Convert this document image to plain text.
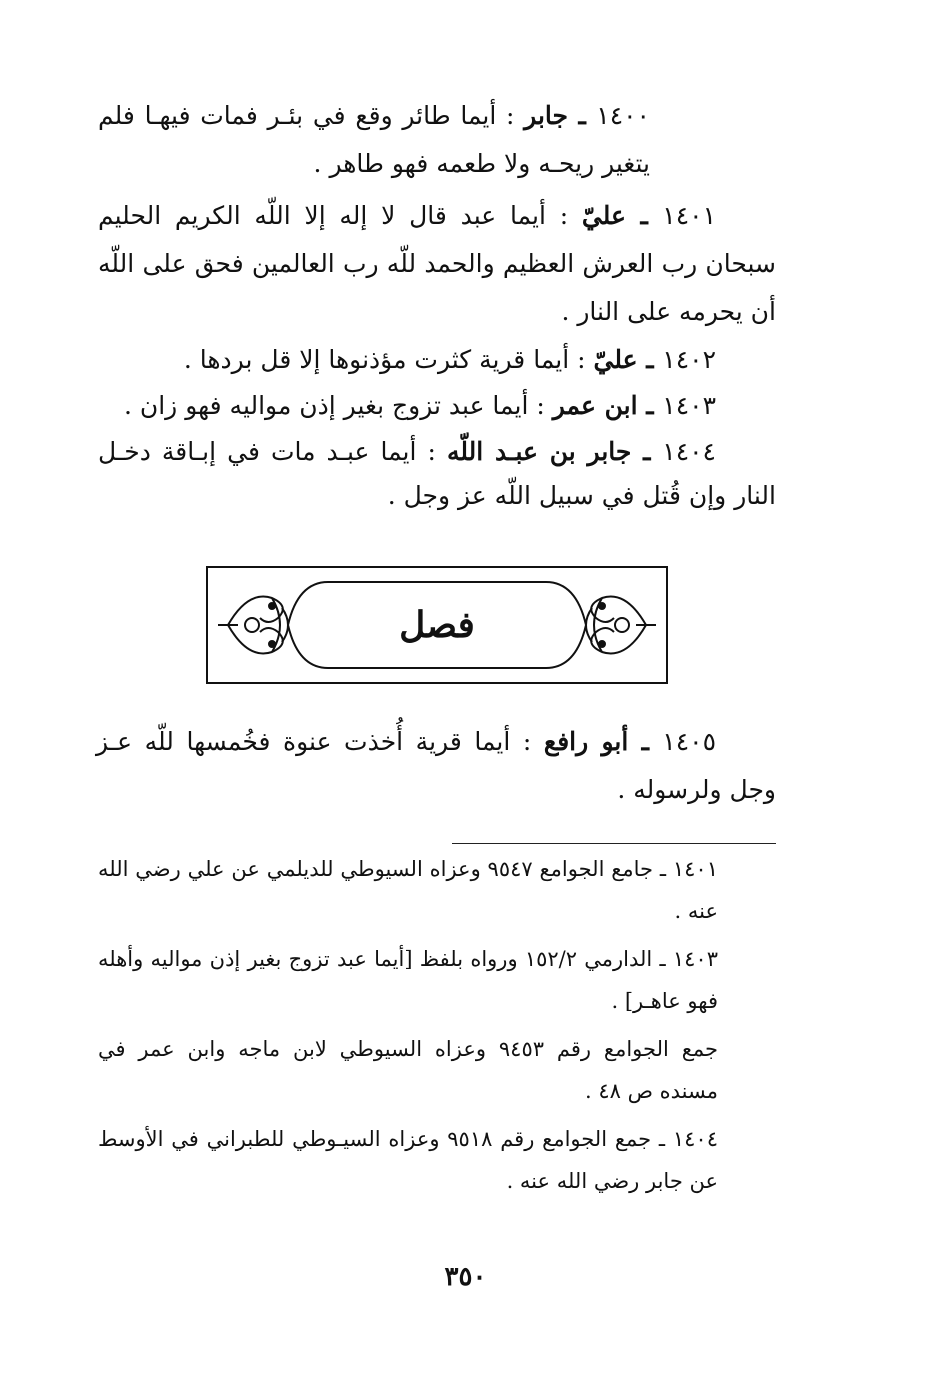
١٤٠٠ ـ جابر : أيما طائر وقع في بئـر فمات فيهـا فلم يتغير ريحـه ولا طعمه فهو طاهر .

١٤٠١ ـ عليّ : أيما عبد قال لا إله إلا اللّه الكريم الحليم سبحان رب العرش العظيم والحمد للّه رب العالمين فحق على اللّه أن يحرمه على النار .

١٤٠٢ ـ عليّ : أيما قرية كثرت مؤذنوها إلا قل بردها .

١٤٠٣ ـ ابن عمر : أيما عبد تزوج بغير إذن مواليه فهو زان .

١٤٠٤ ـ جابر بن عبـد اللّه : أيما عبـد مات في إبـاقة دخـل النار وإن قُتل في سبيل اللّه عز وجل .

فصل

١٤٠٥ ـ أبو رافع : أيما قرية أُخذت عنوة فخُمسها للّه عـز وجل ولرسوله .

١٤٠١ ـ جامع الجوامع ٩٥٤٧ وعزاه السيوطي للديلمي عن علي رضي الله عنه .

١٤٠٣ ـ الدارمي ١٥٢/٢ ورواه بلفظ [أيما عبد تزوج بغير إذن مواليه وأهله فهو عاهـر] .

جمع الجوامع رقم ٩٤٥٣ وعزاه السيوطي لابن ماجه وابن عمر في مسنده ص ٤٨ .

١٤٠٤ ـ جمع الجوامع رقم ٩٥١٨ وعزاه السيـوطي للطبراني في الأوسط عن جابر رضي الله عنه .

٣٥٠
